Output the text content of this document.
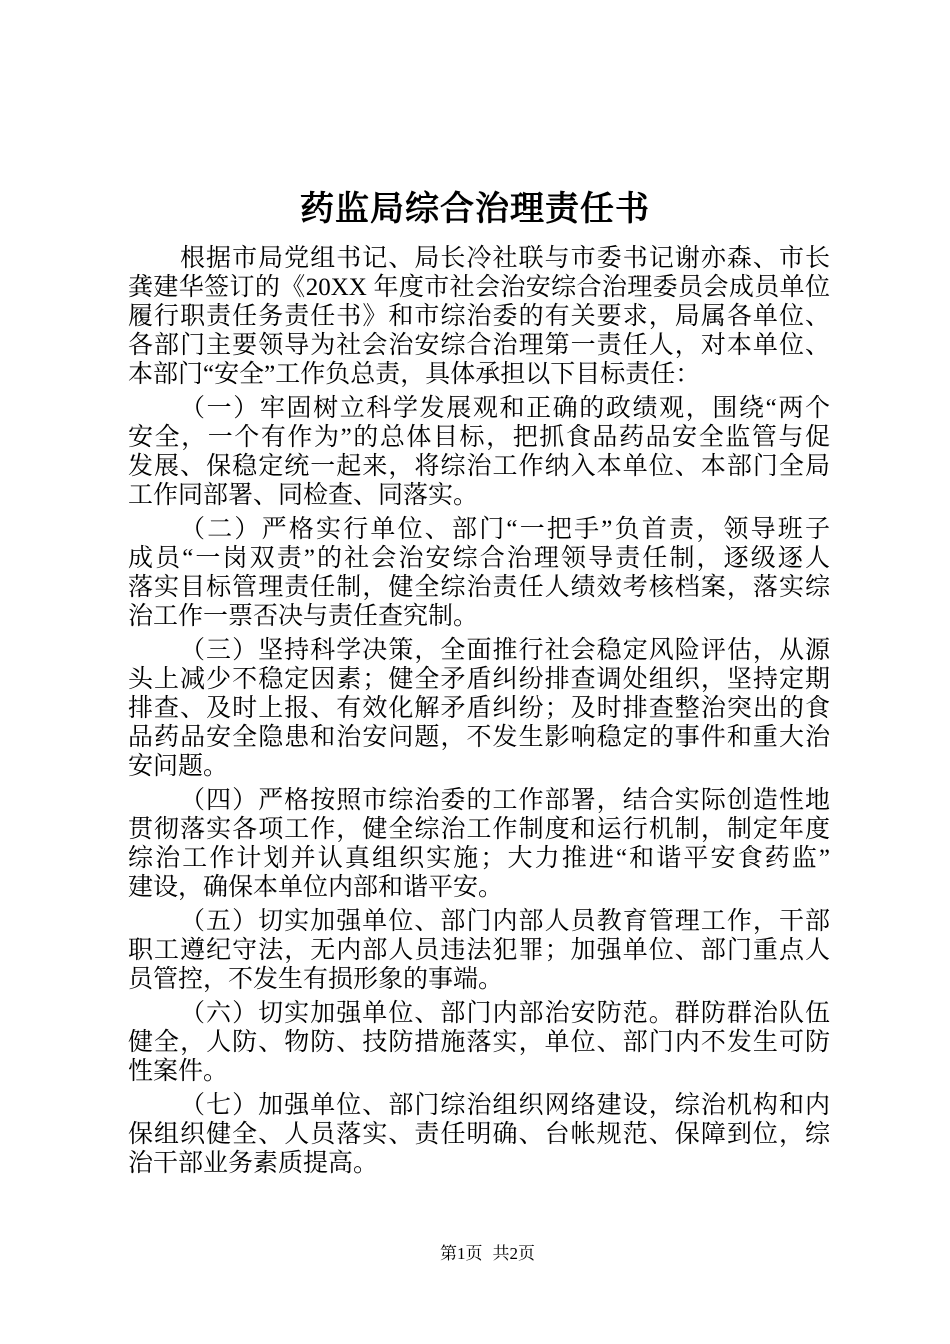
药监局综合治理责任书
根据市局党组书记、局长冷社联与市委书记谢亦森、市长
龚建华签订的《20XX 年度市社会治安综合治理委员会成员单位
履行职责任务责任书》和市综治委的有关要求，局属各单位、
各部门主要领导为社会治安综合治理第一责任人，对本单位、
本部门“安全”工作负总责，具体承担以下目标责任：
（一）牢固树立科学发展观和正确的政绩观，围绕“两个
安全，一个有作为”的总体目标，把抓食品药品安全监管与促
发展、保稳定统一起来，将综治工作纳入本单位、本部门全局
工作同部署、同检查、同落实。
（二）严格实行单位、部门“一把手”负首责，领导班子
成员“一岗双责”的社会治安综合治理领导责任制，逐级逐人
落实目标管理责任制，健全综治责任人绩效考核档案，落实综
治工作一票否决与责任查究制。
（三）坚持科学决策，全面推行社会稳定风险评估，从源
头上减少不稳定因素；健全矛盾纠纷排查调处组织，坚持定期
排查、及时上报、有效化解矛盾纠纷；及时排查整治突出的食
品药品安全隐患和治安问题，不发生影响稳定的事件和重大治
安问题。
（四）严格按照市综治委的工作部署，结合实际创造性地
贯彻落实各项工作，健全综治工作制度和运行机制，制定年度
综治工作计划并认真组织实施；大力推进“和谐平安食药监”
建设，确保本单位内部和谐平安。
（五）切实加强单位、部门内部人员教育管理工作，干部
职工遵纪守法，无内部人员违法犯罪；加强单位、部门重点人
员管控，不发生有损形象的事端。
（六）切实加强单位、部门内部治安防范。群防群治队伍
健全，人防、物防、技防措施落实，单位、部门内不发生可防
性案件。
（七）加强单位、部门综治组织网络建设，综治机构和内
保组织健全、人员落实、责任明确、台帐规范、保障到位，综
治干部业务素质提高。
第1页 共2页
